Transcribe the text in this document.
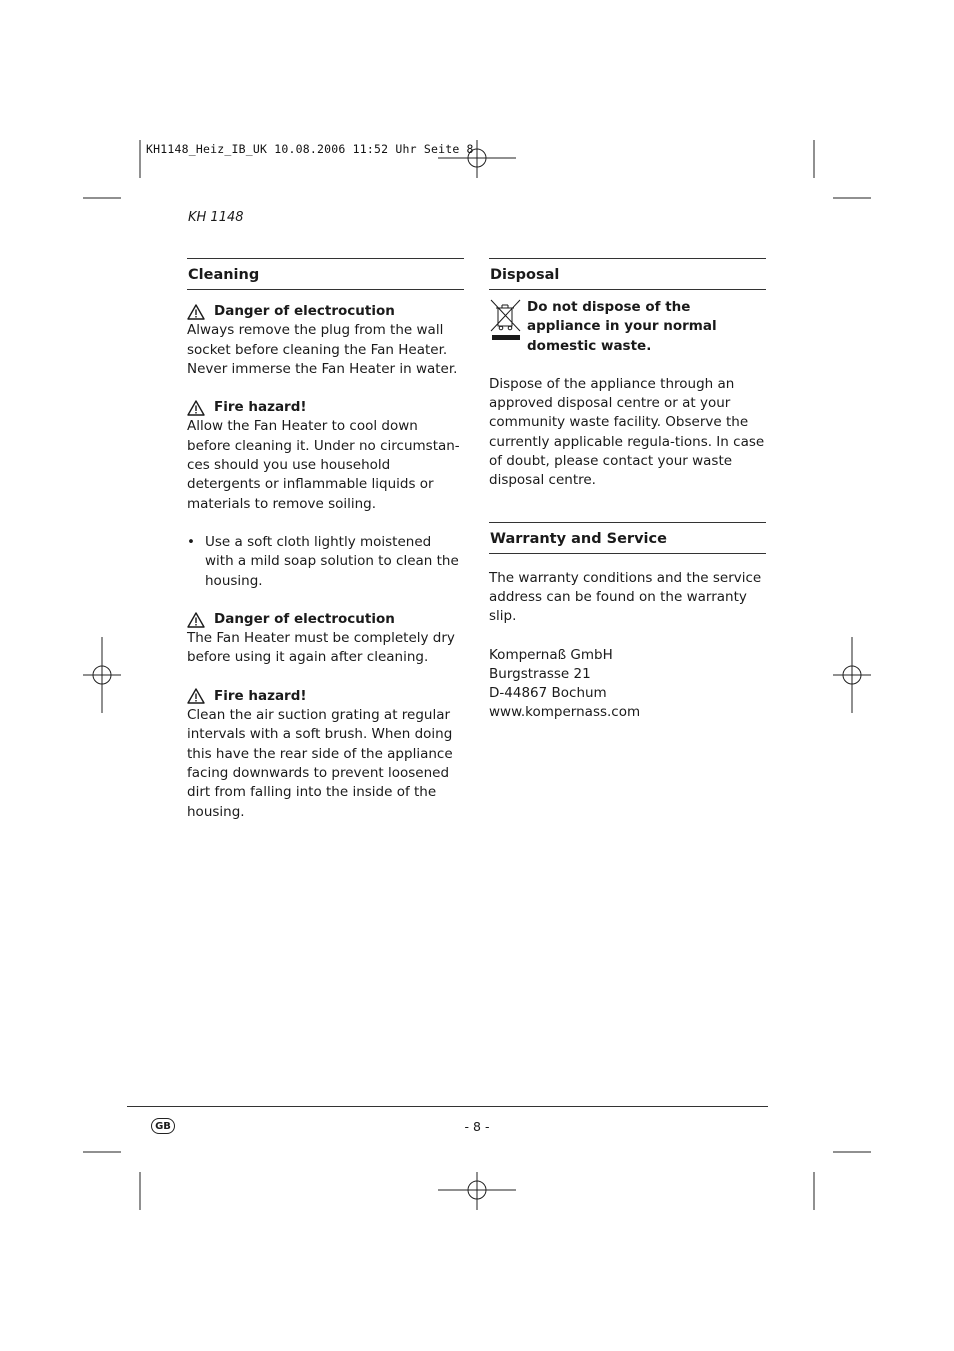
KH1148_Heiz_IB_UK 10.08.2006 11:52 Uhr Seite 8
KH 1148
Cleaning
Danger of electrocution

Always remove the plug from the wall socket before cleaning the Fan Heater. Never immerse the Fan Heater in water.

Fire hazard!

Allow the Fan Heater to cool down before cleaning it. Under no circumstan-ces should you use household detergents or inflammable liquids or materials to remove soiling.

• Use a soft cloth lightly moistened with a mild soap solution to clean the housing.
Danger of electrocution

The Fan Heater must be completely dry before using it again after cleaning.

Fire hazard!

Clean the air suction grating at regular intervals with a soft brush. When doing this have the rear side of the appliance facing downwards to prevent loosened dirt from falling into the inside of the housing.

Disposal
Do not dispose of the appliance in your normal domestic waste.

Dispose of the appliance through an approved disposal centre or at your community waste facility. Observe the currently applicable regula-tions. In case of doubt, please contact your waste disposal centre.

Warranty and Service

The warranty conditions and the service address can be found on the warranty slip.

Kompernaß GmbH

Burgstrasse 21

D-44867 Bochum

www.kompernass.com

GB	- 8 -
